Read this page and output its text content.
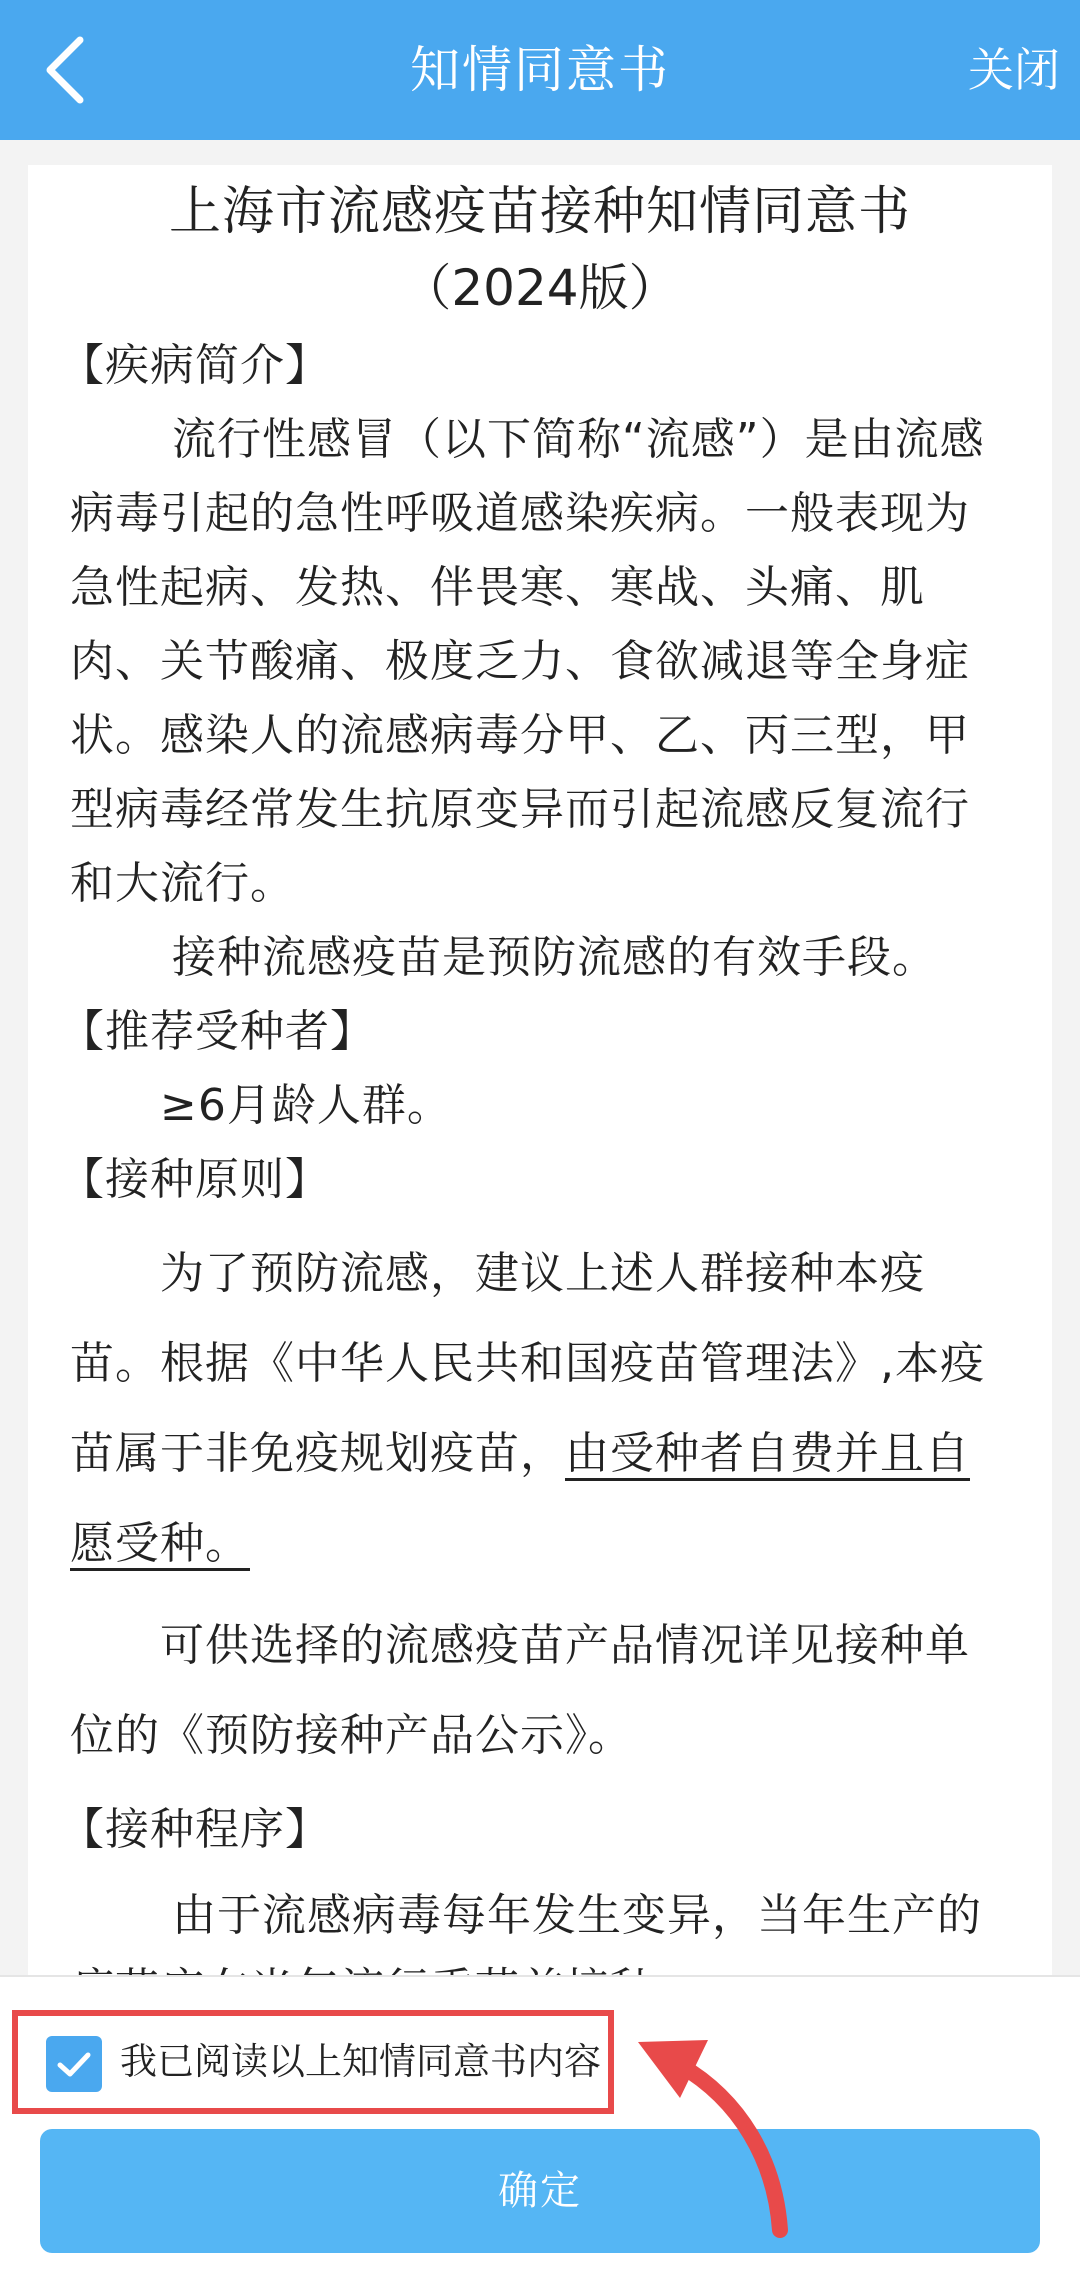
知情同意书	关闭
上海市流感疫苗接种知情同意书
（2024版）

【疾病简介】

流行性感冒（以下简称“流感”）是由流感病毒引起的急性呼吸道感染疾病。一般表现为急性起病、发热、伴畏寒、寒战、头痛、肌肉、关节酸痛、极度乏力、食欲减退等全身症状。感染人的流感病毒分甲、乙、丙三型，甲型病毒经常发生抗原变异而引起流感反复流行和大流行。

接种流感疫苗是预防流感的有效手段。

【推荐受种者】

≥6月龄人群。

【接种原则】

为了预防流感，建议上述人群接种本疫苗。根据《中华人民共和国疫苗管理法》,本疫苗属于非免疫规划疫苗，由受种者自费并且自愿受种。

可供选择的流感疫苗产品情况详见接种单位的《预防接种产品公示》。

【接种程序】

由于流感病毒每年发生变异，当年生产的

我已阅读以上知情同意书内容
确定
